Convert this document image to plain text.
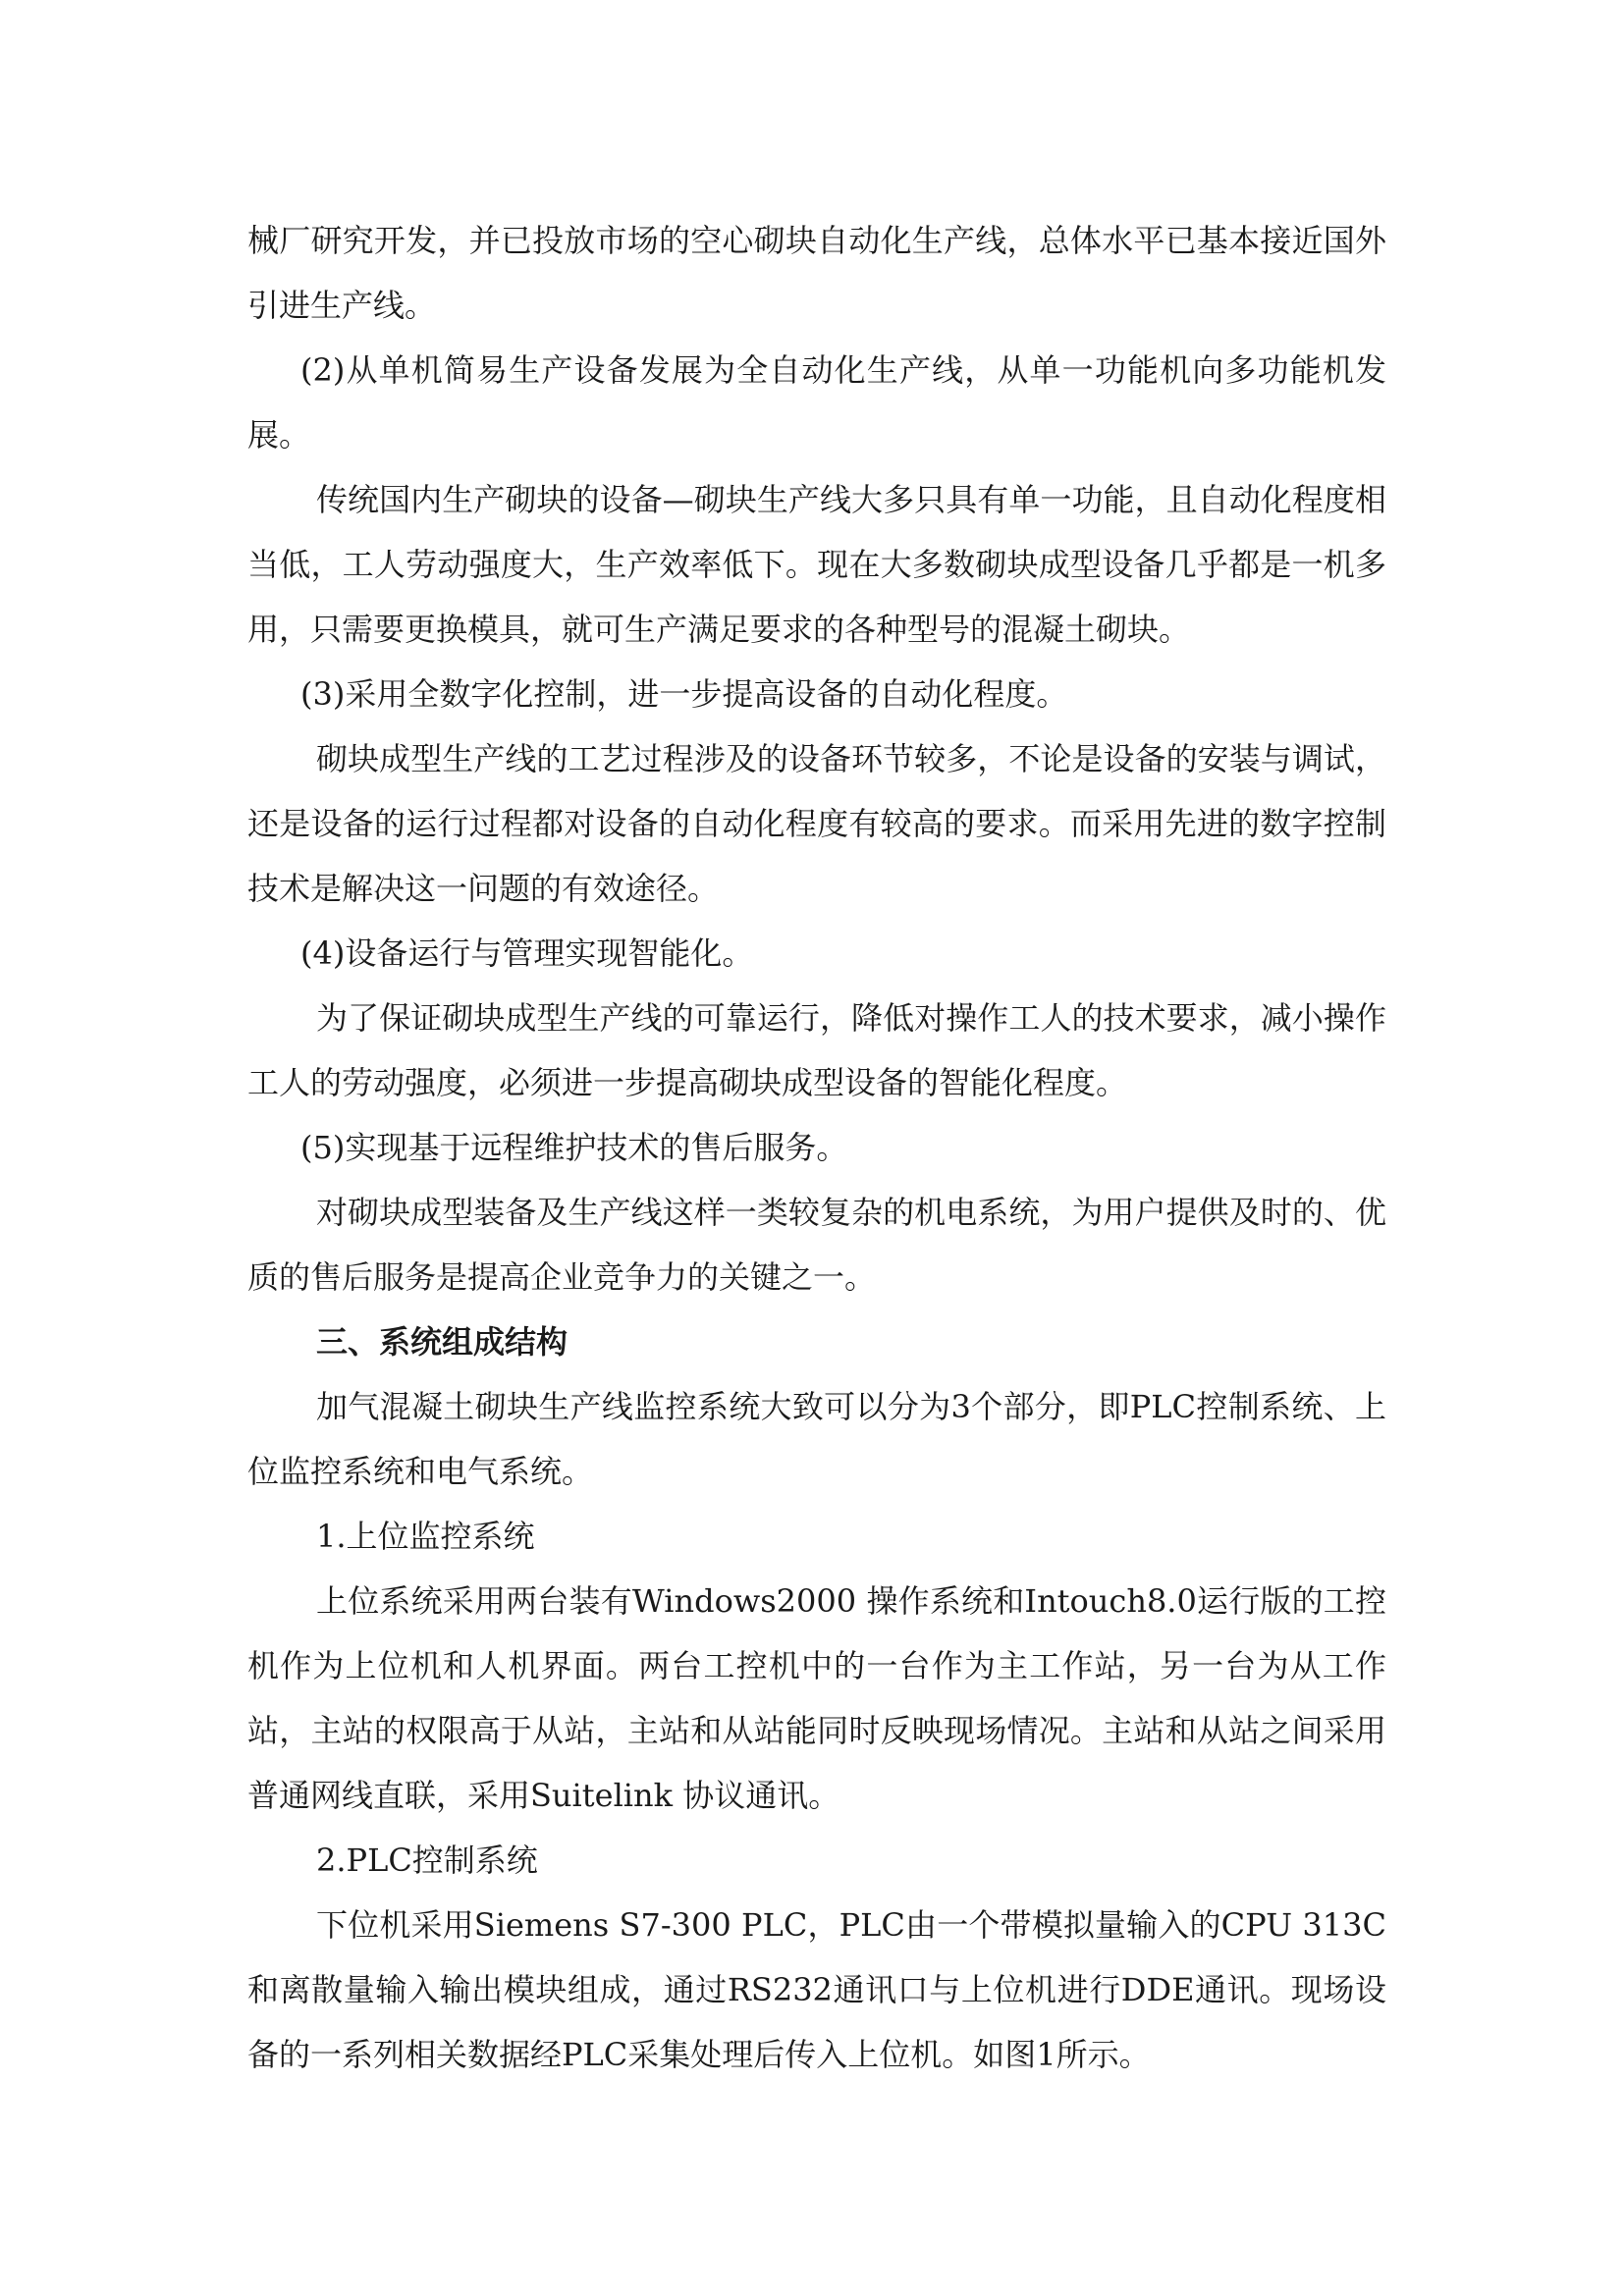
械厂研究开发，并已投放市场的空心砌块自动化生产线，总体水平已基本接近国外引进生产线。

(2)从单机简易生产设备发展为全自动化生产线，从单一功能机向多功能机发展。

传统国内生产砌块的设备—砌块生产线大多只具有单一功能，且自动化程度相当低，工人劳动强度大，生产效率低下。现在大多数砌块成型设备几乎都是一机多用，只需要更换模具，就可生产满足要求的各种型号的混凝土砌块。

(3)采用全数字化控制，进一步提高设备的自动化程度。

砌块成型生产线的工艺过程涉及的设备环节较多，不论是设备的安装与调试，还是设备的运行过程都对设备的自动化程度有较高的要求。而采用先进的数字控制技术是解决这一问题的有效途径。

(4)设备运行与管理实现智能化。

为了保证砌块成型生产线的可靠运行，降低对操作工人的技术要求，减小操作工人的劳动强度，必须进一步提高砌块成型设备的智能化程度。

(5)实现基于远程维护技术的售后服务。

对砌块成型装备及生产线这样一类较复杂的机电系统，为用户提供及时的、优质的售后服务是提高企业竞争力的关键之一。

三、系统组成结构

加气混凝土砌块生产线监控系统大致可以分为3个部分，即PLC控制系统、上位监控系统和电气系统。

1.上位监控系统

上位系统采用两台装有Windows2000 操作系统和Intouch8.0运行版的工控机作为上位机和人机界面。两台工控机中的一台作为主工作站，另一台为从工作站，主站的权限高于从站，主站和从站能同时反映现场情况。主站和从站之间采用普通网线直联，采用Suitelink 协议通讯。

2.PLC控制系统

下位机采用Siemens S7-300 PLC，PLC由一个带模拟量输入的CPU 313C和离散量输入输出模块组成，通过RS232通讯口与上位机进行DDE通讯。现场设备的一系列相关数据经PLC采集处理后传入上位机。如图1所示。
